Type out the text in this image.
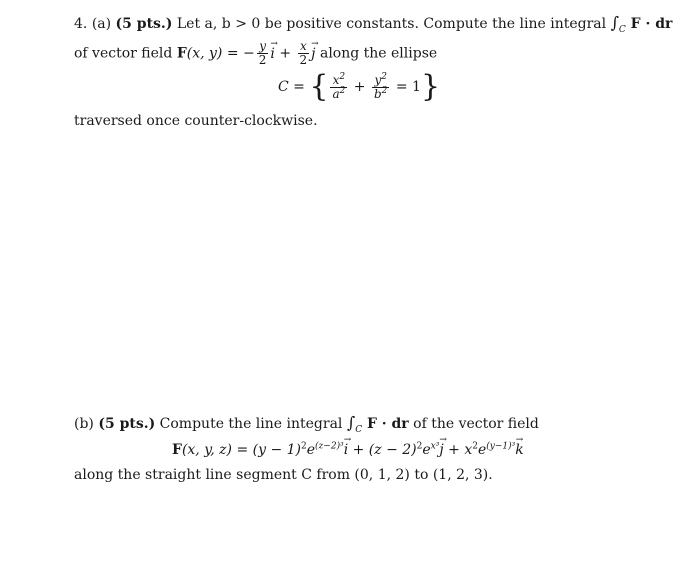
4. (a) (5 pts.) Let a, b > 0 be positive constants. Compute the line integral $\int_C$ F · dr
of vector field F(x, y) = − $\frac{y}{2}$
→ $i + \frac{x}{2}$
→ j along the ellipse
C = { $\frac{x^2}{a^2} + \frac{y^2}{b^2} = 1$}
traversed once counter-clockwise.
(b) (5 pts.) Compute the line integral $\int_C$ F · dr of the vector field
F(x, y, $z) = (y - 1)^2e^{(z-2)^3}\to i + (z - 2)^2e^{x^3}\to j + x^2e^{(y-1)^3}\to k$
along the straight line segment C from (0, 1, 2) to (1, 2, 3).
